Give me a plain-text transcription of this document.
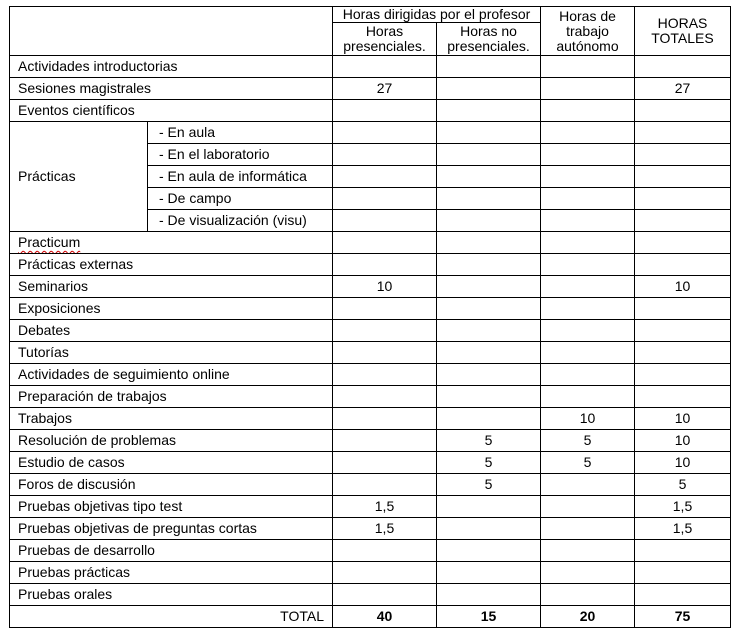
		Horas dirigidas por el profesor		Horas de trabajo autónomo	HORAS TOTALES
		Horas presenciales.	Horas no presenciales.		
Actividades introductorias					
Sesiones magistrales		27			27
Eventos científicos					
Prácticas	- En aula				
	- En el laboratorio				
	- En aula de informática				
	- De campo				
	- De visualización (visu)				
Practicum					
Prácticas externas					
Seminarios		10			10
Exposiciones					
Debates					
Tutorías					
Actividades de seguimiento online					
Preparación de trabajos					
Trabajos				10	10
Resolución de problemas			5	5	10
Estudio de casos			5	5	10
Foros de discusión			5		5
Pruebas objetivas tipo test		1,5			1,5
Pruebas objetivas de preguntas cortas		1,5			1,5
Pruebas de desarrollo					
Pruebas prácticas					
Pruebas orales					
TOTAL		40	15	20	75
